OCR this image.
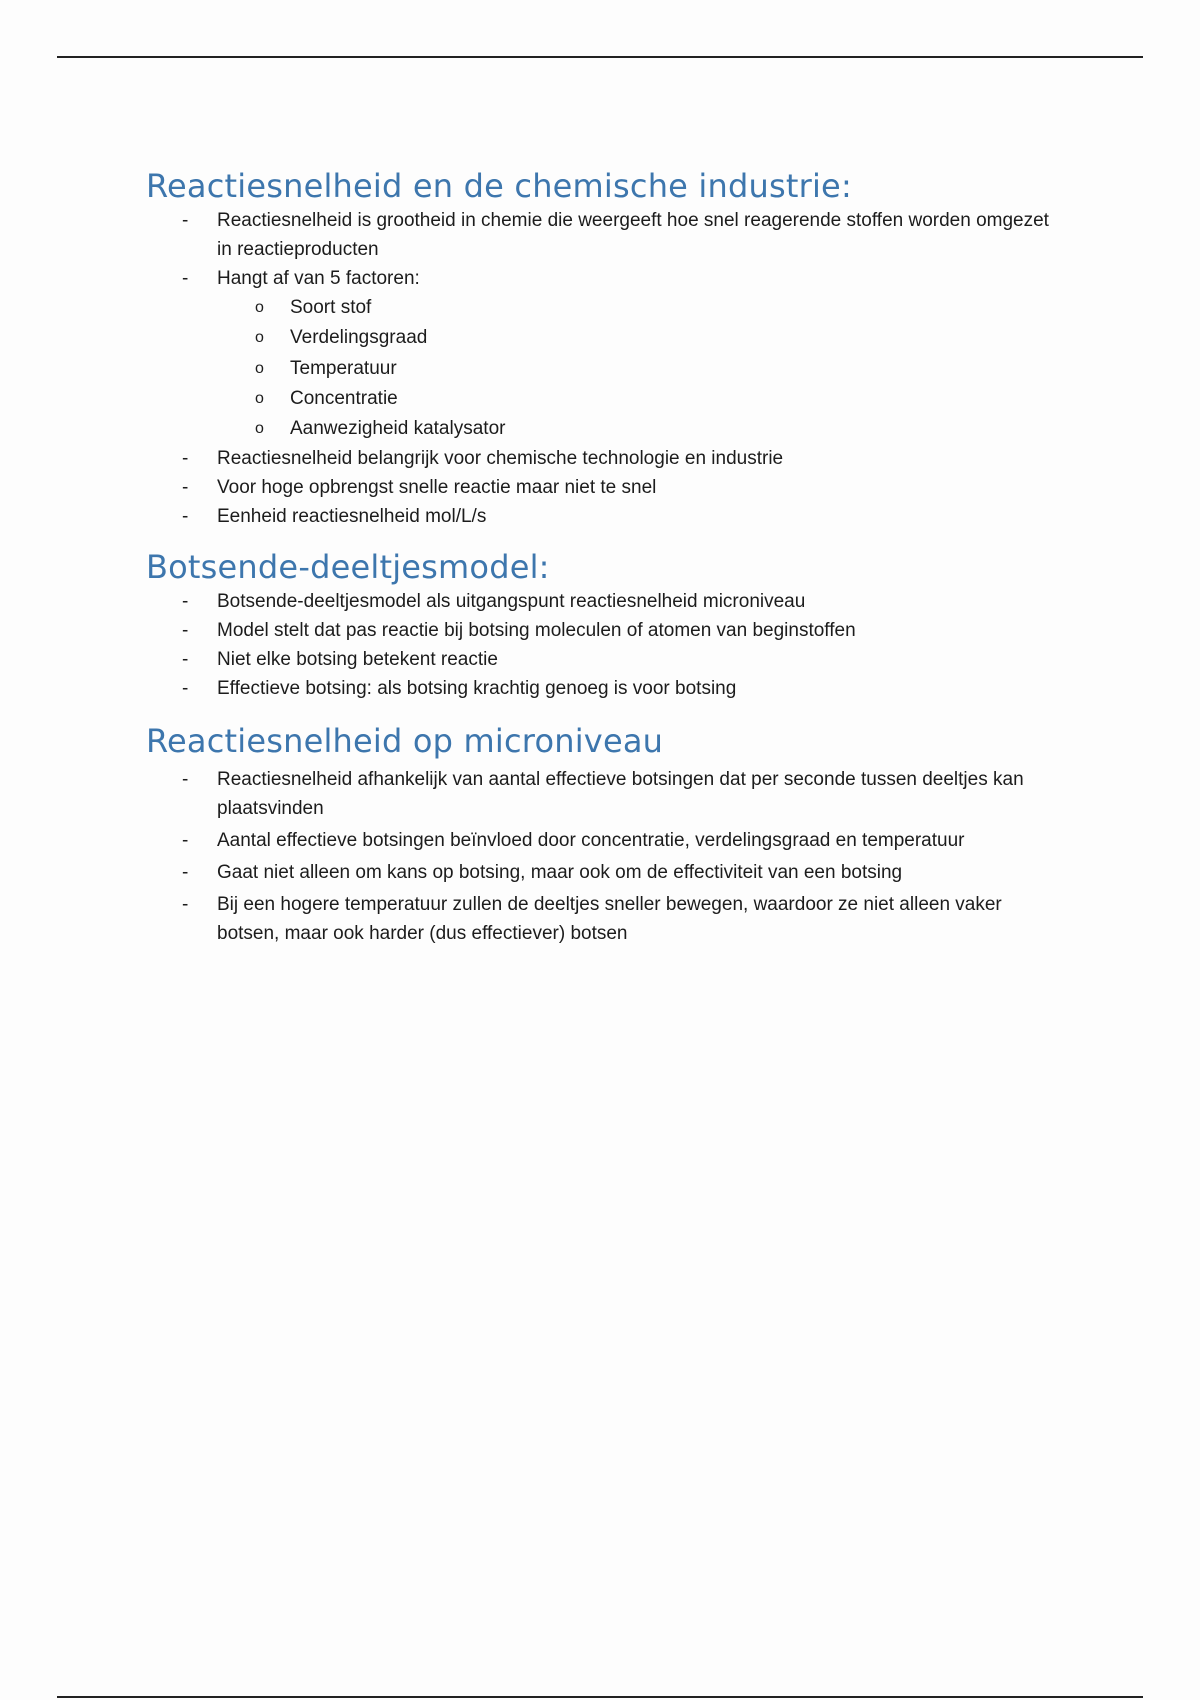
Reactiesnelheid en de chemische industrie:
- Reactiesnelheid is grootheid in chemie die weergeeft hoe snel reagerende stoffen worden omgezet in reactieproducten
- Hangt af van 5 factoren:
o Soort stof
o Verdelingsgraad
o Temperatuur
o Concentratie
o Aanwezigheid katalysator
- Reactiesnelheid belangrijk voor chemische technologie en industrie
- Voor hoge opbrengst snelle reactie maar niet te snel
- Eenheid reactiesnelheid mol/L/s
Botsende-deeltjesmodel:
- Botsende-deeltjesmodel als uitgangspunt reactiesnelheid microniveau
- Model stelt dat pas reactie bij botsing moleculen of atomen van beginstoffen
- Niet elke botsing betekent reactie
- Effectieve botsing: als botsing krachtig genoeg is voor botsing
Reactiesnelheid op microniveau
- Reactiesnelheid afhankelijk van aantal effectieve botsingen dat per seconde tussen deeltjes kan plaatsvinden
- Aantal effectieve botsingen beïnvloed door concentratie, verdelingsgraad en temperatuur
- Gaat niet alleen om kans op botsing, maar ook om de effectiviteit van een botsing
- Bij een hogere temperatuur zullen de deeltjes sneller bewegen, waardoor ze niet alleen vaker botsen, maar ook harder (dus effectiever) botsen
